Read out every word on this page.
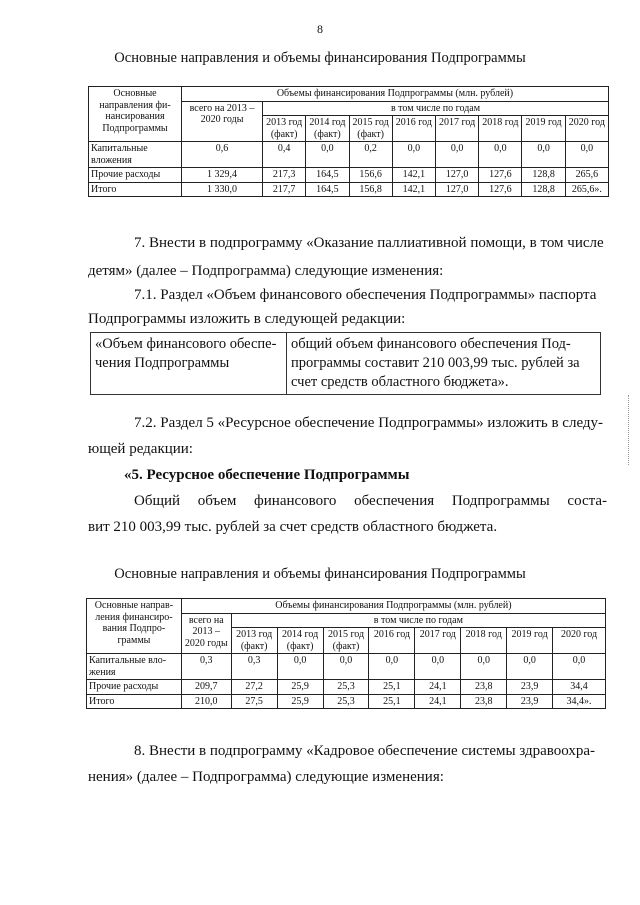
8
Основные направления и объемы финансирования Подпрограммы
Основные направления фи-нансирования Подпрограммы	Объемы финансирования Подпрограммы (млн. рублей)								
	всего на 2013 – 2020 годы	в том числе по годам							
		2013 год (факт)	2014 год (факт)	2015 год (факт)	2016 год	2017 год	2018 год	2019 год	2020 год
Капитальные вложения	0,6	0,4	0,0	0,2	0,0	0,0	0,0	0,0	0,0
Прочие расходы	1 329,4	217,3	164,5	156,6	142,1	127,0	127,6	128,8	265,6
Итого	1 330,0	217,7	164,5	156,8	142,1	127,0	127,6	128,8	265,6».
7. Внести в подпрограмму «Оказание паллиативной помощи, в том числе
детям» (далее – Подпрограмма) следующие изменения:
7.1. Раздел «Объем финансового обеспечения Подпрограммы» паспорта
Подпрограммы изложить в следующей редакции:
«Объем финансового обеспе-чения Подпрограммы	общий объем финансового обеспечения Под-программы составит 210 003,99 тыс. рублей за счет средств областного бюджета».
7.2. Раздел 5 «Ресурсное обеспечение Подпрограммы» изложить в следу-
ющей редакции:
«5. Ресурсное обеспечение Подпрограммы
Общий объем финансового обеспечения Подпрограммы соста-
вит 210 003,99 тыс. рублей за счет средств областного бюджета.
Основные направления и объемы финансирования Подпрограммы
Основные направ-ления финансиро-вания Подпро-граммы	Объемы финансирования Подпрограммы (млн. рублей)								
	всего на 2013 – 2020 годы	в том числе по годам							
		2013 год (факт)	2014 год (факт)	2015 год (факт)	2016 год	2017 год	2018 год	2019 год	2020 год
Капитальные вло-жения	0,3	0,3	0,0	0,0	0,0	0,0	0,0	0,0	0,0
Прочие расходы	209,7	27,2	25,9	25,3	25,1	24,1	23,8	23,9	34,4
Итого	210,0	27,5	25,9	25,3	25,1	24,1	23,8	23,9	34,4».
8. Внести в подпрограмму «Кадровое обеспечение системы здравоохра-
нения» (далее – Подпрограмма) следующие изменения:
